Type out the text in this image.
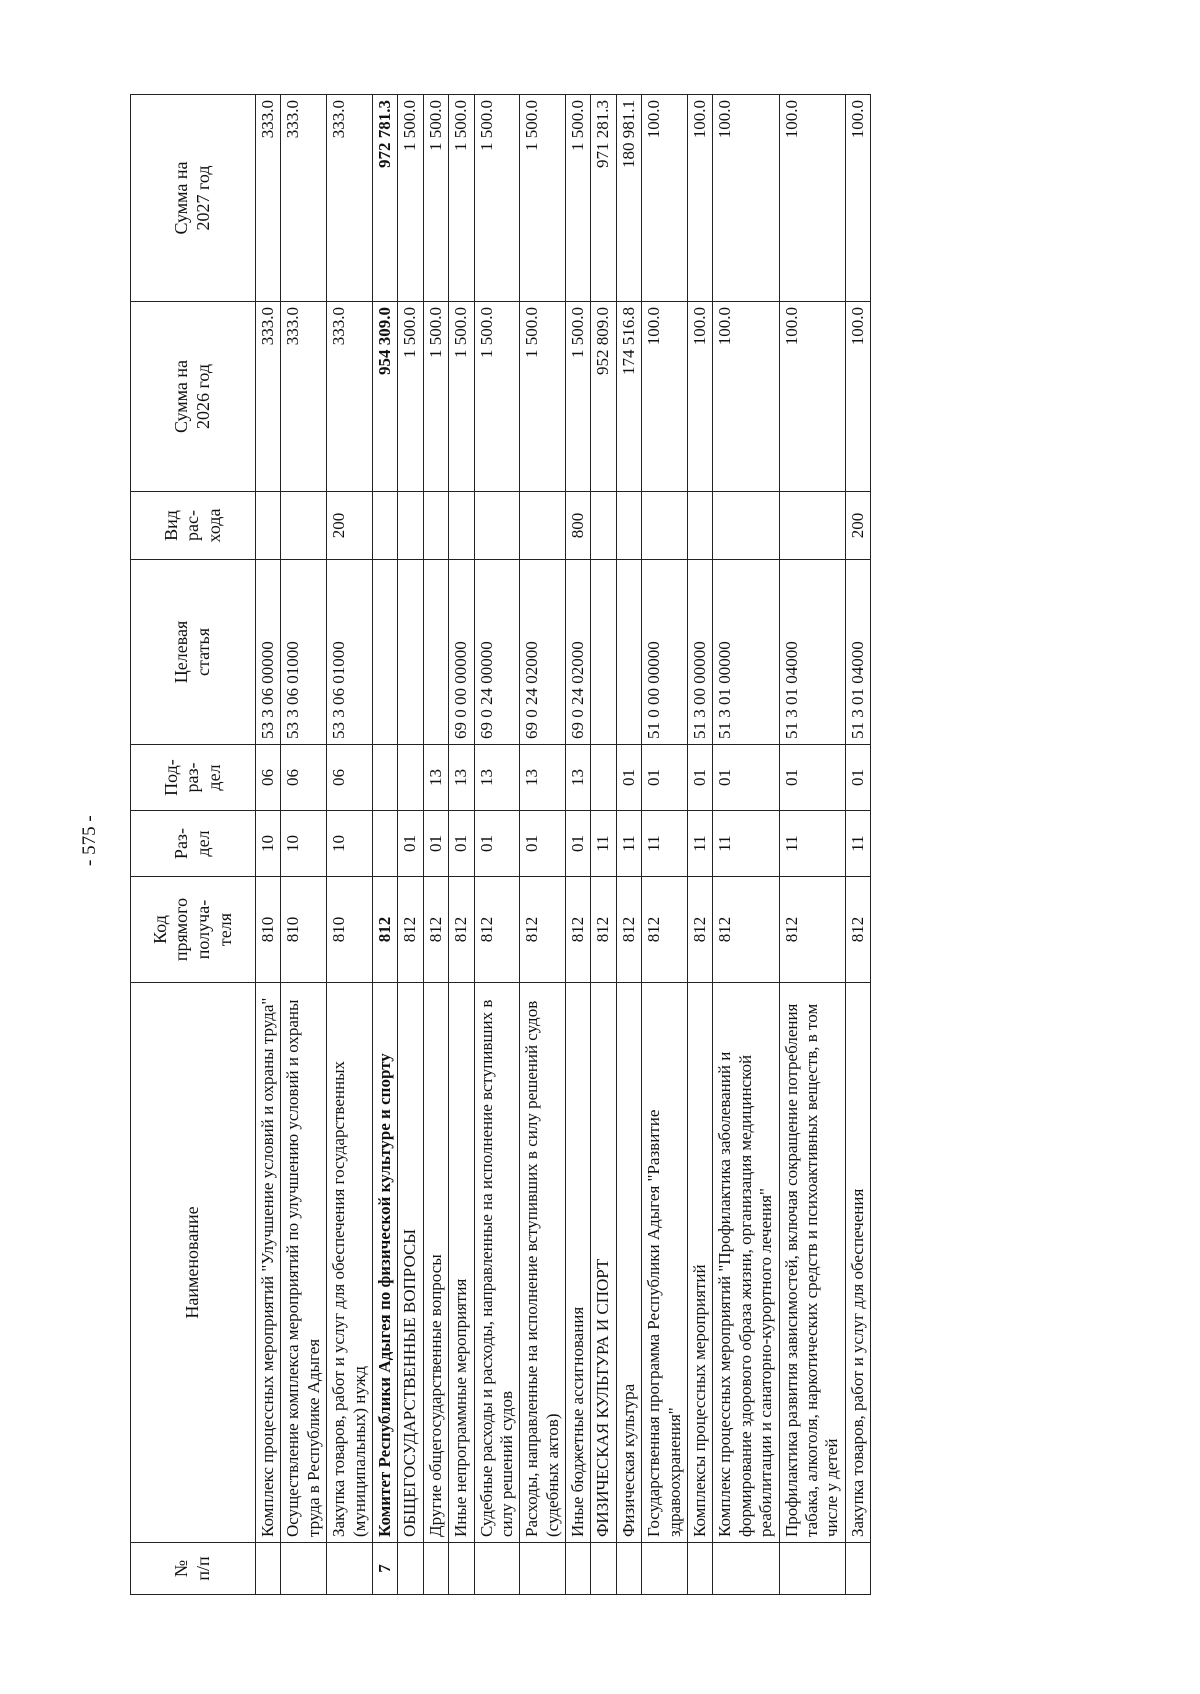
- 575 -
№
п/п	Наименование	Код
прямого
получа-
теля	Раз-
дел	Под-
раз-
дел	Целевая
статья	Вид
рас-
хода	Сумма на
2026 год	Сумма на
2027 год
	Комплекс процессных мероприятий "Улучшение условий и охраны труда"	810	10	06	53 3 06 00000		333.0	333.0
	Осуществление комплекса мероприятий по улучшению условий и охраны труда в Республике Адыгея	810	10	06	53 3 06 01000		333.0	333.0
	Закупка товаров, работ и услуг для обеспечения государственных (муниципальных) нужд	810	10	06	53 3 06 01000	200	333.0	333.0
7	Комитет Республики Адыгея по физической культуре и спорту	812					954 309.0	972 781.3
	ОБЩЕГОСУДАРСТВЕННЫЕ ВОПРОСЫ	812	01				1 500.0	1 500.0
	Другие общегосударственные вопросы	812	01	13			1 500.0	1 500.0
	Иные непрограммные мероприятия	812	01	13	69 0 00 00000		1 500.0	1 500.0
	Судебные расходы и расходы, направленные на исполнение вступивших в силу решений судов	812	01	13	69 0 24 00000		1 500.0	1 500.0
	Расходы, направленные на исполнение вступивших в силу решений судов (судебных актов)	812	01	13	69 0 24 02000		1 500.0	1 500.0
	Иные бюджетные ассигнования	812	01	13	69 0 24 02000	800	1 500.0	1 500.0
	ФИЗИЧЕСКАЯ КУЛЬТУРА И СПОРТ	812	11				952 809.0	971 281.3
	Физическая культура	812	11	01			174 516.8	180 981.1
	Государственная программа Республики Адыгея "Развитие здравоохранения"	812	11	01	51 0 00 00000		100.0	100.0
	Комплексы процессных мероприятий	812	11	01	51 3 00 00000		100.0	100.0
	Комплекс процессных мероприятий "Профилактика заболеваний и формирование здорового образа жизни, организация медицинской реабилитации и санаторно-курортного лечения"	812	11	01	51 3 01 00000		100.0	100.0
	Профилактика развития зависимостей, включая сокращение потребления табака, алкоголя, наркотических средств и психоактивных веществ, в том числе у детей	812	11	01	51 3 01 04000		100.0	100.0
	Закупка товаров, работ и услуг для обеспечения	812	11	01	51 3 01 04000	200	100.0	100.0
